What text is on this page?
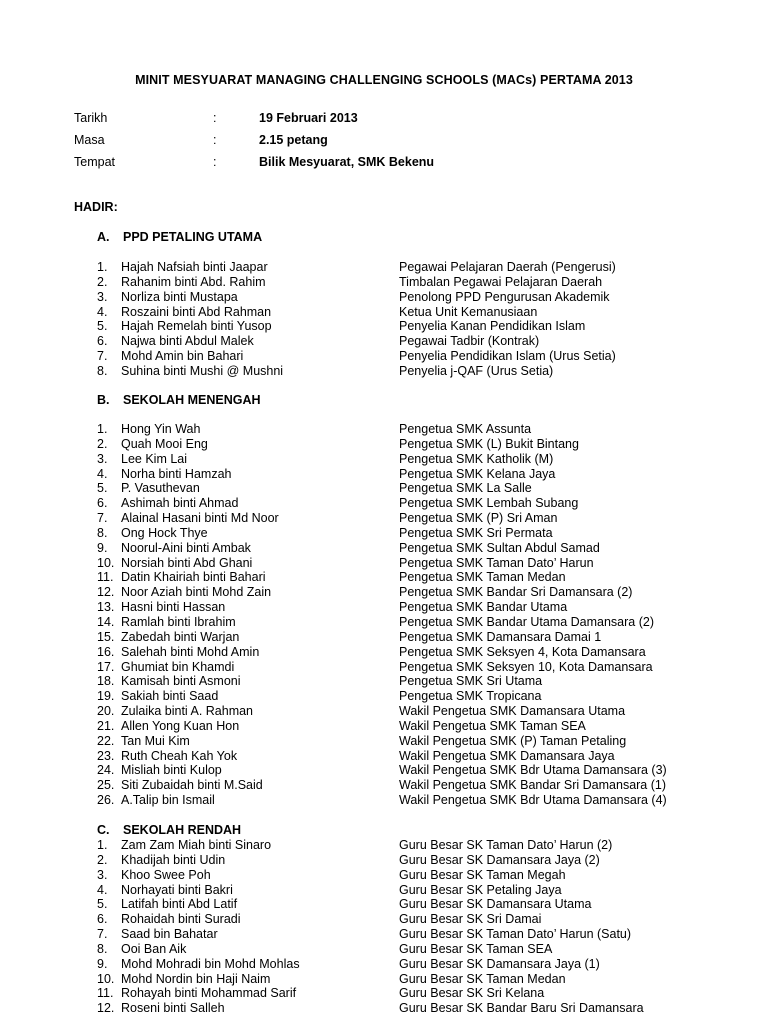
MINIT MESYUARAT MANAGING CHALLENGING SCHOOLS (MACs) PERTAMA 2013
Tarikh	:	19 Februari 2013
Masa	:	2.15 petang
Tempat	:	Bilik Mesyuarat, SMK Bekenu
HADIR:
A. PPD PETALING UTAMA
1. Hajah Nafsiah binti Jaapar	Pegawai Pelajaran Daerah (Pengerusi)
2. Rahanim binti Abd. Rahim	Timbalan Pegawai Pelajaran Daerah
3. Norliza binti Mustapa	Penolong PPD Pengurusan Akademik
4. Roszaini binti Abd Rahman	Ketua Unit Kemanusiaan
5. Hajah Remelah binti Yusop	Penyelia Kanan Pendidikan Islam
6. Najwa binti Abdul Malek	Pegawai Tadbir (Kontrak)
7. Mohd Amin bin Bahari	Penyelia Pendidikan Islam (Urus Setia)
8. Suhina binti Mushi @ Mushni	Penyelia j-QAF (Urus Setia)
B. SEKOLAH MENENGAH
1. Hong Yin Wah	Pengetua SMK Assunta
2. Quah Mooi Eng	Pengetua SMK (L) Bukit Bintang
3. Lee Kim Lai	Pengetua SMK Katholik (M)
4. Norha binti Hamzah	Pengetua SMK Kelana Jaya
5. P. Vasuthevan	Pengetua SMK La Salle
6. Ashimah binti Ahmad	Pengetua SMK Lembah Subang
7. Alainal Hasani binti Md Noor	Pengetua SMK (P) Sri Aman
8. Ong Hock Thye	Pengetua SMK Sri Permata
9. Noorul-Aini binti Ambak	Pengetua SMK Sultan Abdul Samad
10. Norsiah binti Abd Ghani	Pengetua SMK Taman Dato’ Harun
11. Datin Khairiah binti Bahari	Pengetua SMK Taman Medan
12. Noor Aziah binti Mohd Zain	Pengetua SMK Bandar Sri Damansara (2)
13. Hasni binti Hassan	Pengetua SMK Bandar Utama
14. Ramlah binti Ibrahim	Pengetua SMK Bandar Utama Damansara (2)
15. Zabedah binti Warjan	Pengetua SMK Damansara Damai 1
16. Salehah binti Mohd Amin	Pengetua SMK Seksyen 4, Kota Damansara
17. Ghumiat bin Khamdi	Pengetua SMK Seksyen 10, Kota Damansara
18. Kamisah binti Asmoni	Pengetua SMK Sri Utama
19. Sakiah binti Saad	Pengetua SMK Tropicana
20. Zulaika binti A. Rahman	Wakil Pengetua SMK Damansara Utama
21. Allen Yong Kuan Hon	Wakil Pengetua SMK Taman SEA
22. Tan Mui Kim	Wakil Pengetua SMK (P) Taman Petaling
23. Ruth Cheah Kah Yok	Wakil Pengetua SMK Damansara Jaya
24. Misliah binti Kulop	Wakil Pengetua SMK Bdr Utama Damansara (3)
25. Siti Zubaidah binti M.Said	Wakil Pengetua SMK Bandar Sri Damansara (1)
26. A.Talip bin Ismail	Wakil Pengetua SMK Bdr Utama Damansara (4)
C. SEKOLAH RENDAH
1. Zam Zam Miah binti Sinaro	Guru Besar SK Taman Dato’ Harun (2)
2. Khadijah binti Udin	Guru Besar SK Damansara Jaya (2)
3. Khoo Swee Poh	Guru Besar SK Taman Megah
4. Norhayati binti Bakri	Guru Besar SK Petaling Jaya
5. Latifah binti Abd Latif	Guru Besar SK Damansara Utama
6. Rohaidah binti Suradi	Guru Besar SK Sri Damai
7. Saad bin Bahatar	Guru Besar SK Taman Dato’ Harun (Satu)
8. Ooi Ban Aik	Guru Besar SK Taman SEA
9. Mohd Mohradi bin Mohd Mohlas	Guru Besar SK Damansara Jaya (1)
10. Mohd Nordin bin Haji Naim	Guru Besar SK Taman Medan
11. Rohayah binti Mohammad Sarif	Guru Besar SK Sri Kelana
12. Roseni binti Salleh	Guru Besar SK Bandar Baru Sri Damansara
